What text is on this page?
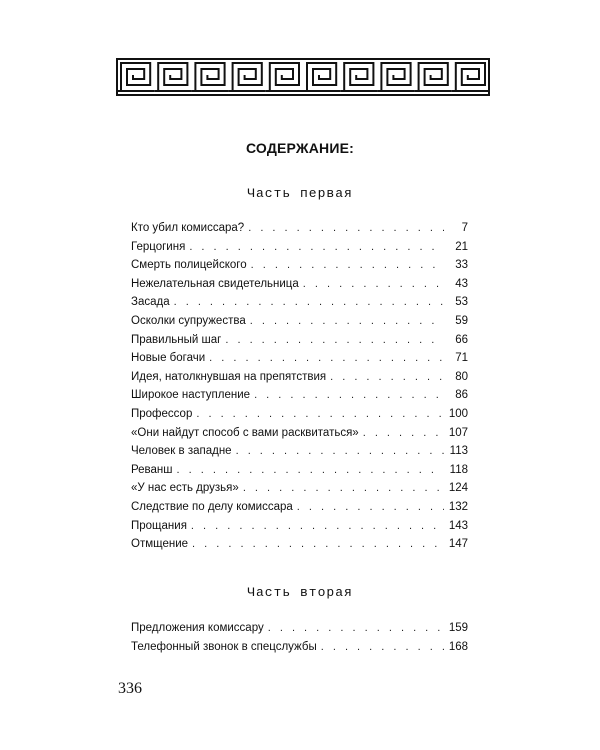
СОДЕРЖАНИЕ:
Часть первая
Кто убил комиссара? . . .	7
Герцогиня . . .	21
Смерть полицейского . . .	33
Нежелательная свидетельница . . .	43
Засада . . .	53
Осколки супружества . . .	59
Правильный шаг . . .	66
Новые богачи . . .	71
Идея, натолкнувшая на препятствия . . .	80
Широкое наступление . . .	86
Профессор . . .	100
«Они найдут способ с вами расквитаться» . . .	107
Человек в западне . . .	113
Реванш . . .	118
«У нас есть друзья» . . .	124
Следствие по делу комиссара . . .	132
Прощания . . .	143
Отмщение . . .	147
Часть вторая
Предложения комиссару . . .	159
Телефонный звонок в спецслужбы . . .	168
336
